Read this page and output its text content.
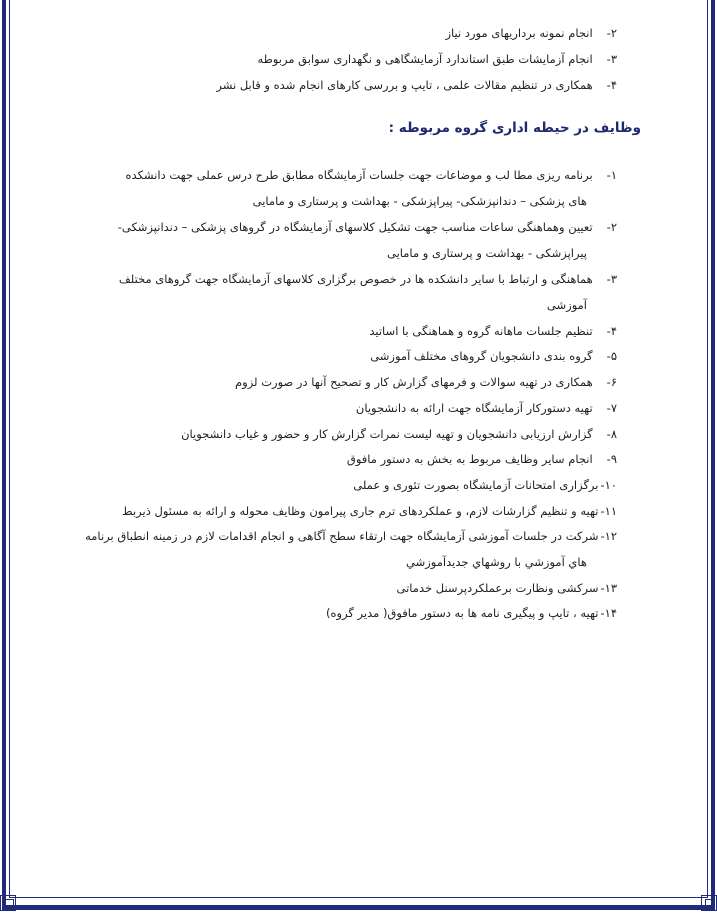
۲-انجام نمونه برداریهای مورد نیاز
۳-انجام آزمایشات طبق استاندارد آزمایشگاهی و نگهداری سوابق مربوطه
۴-همکاری در تنظیم مقالات علمی ، تایپ و بررسی کارهای انجام شده و قابل نشر
وظایف در حیطه اداری گروه مربوطه :
۱-برنامه ریزی مطا لب و موضاعات جهت جلسات آزمایشگاه مطابق طرح درس عملی جهت دانشکده
های پزشکی – دندانپزشکی- پیراپزشکی - بهداشت و پرستاری و مامایی
۲-تعیین وهماهنگی ساعات مناسب جهت تشکیل کلاسهای آزمایشگاه در گروهای پزشکی – دندانپزشکی-
پیراپزشکی - بهداشت و پرستاری و مامایی
۳-هماهنگی و ارتباط با سایر دانشکده ها در خصوص برگزاری کلاسهای آزمایشگاه جهت گروهای مختلف
آموزشی
۴-تنظیم جلسات ماهانه گروه و هماهنگی با اساتید
۵-گروه بندی دانشجویان گروهای مختلف آموزشی
۶-همکاری در تهیه سوالات و فرمهای گزارش کار و تصحیح آنها در صورت لزوم
۷-تهیه دستورکار آزمایشگاه جهت ارائه به دانشجویان
۸-گزارش ارزیابی دانشجویان و تهیه لیست نمرات گزارش کار و حضور و غیاب دانشجویان
۹-انجام سایر وظایف مربوط به بخش به دستور مافوق
۱۰-برگزاری امتحانات آزمایشگاه بصورت تئوری و عملی
۱۱-تهیه و تنظیم گزارشات لازم، و عملکردهای ترم جاری پیرامون وظایف محوله و ارائه به مسئول ذیربط
۱۲-شرکت در جلسات آموزشی آزمایشگاه جهت ارتقاء سطح آگاهی و انجام اقدامات لازم در زمینه انطباق برنامه
هاي آموزشي با روشهاي جديدآموزشي
۱۳-سرکشی ونظارت برعملکردپرسنل خدماتی
۱۴-تهیه ، تایپ و پیگیری نامه ها به دستور مافوق( مدیر گروه)
